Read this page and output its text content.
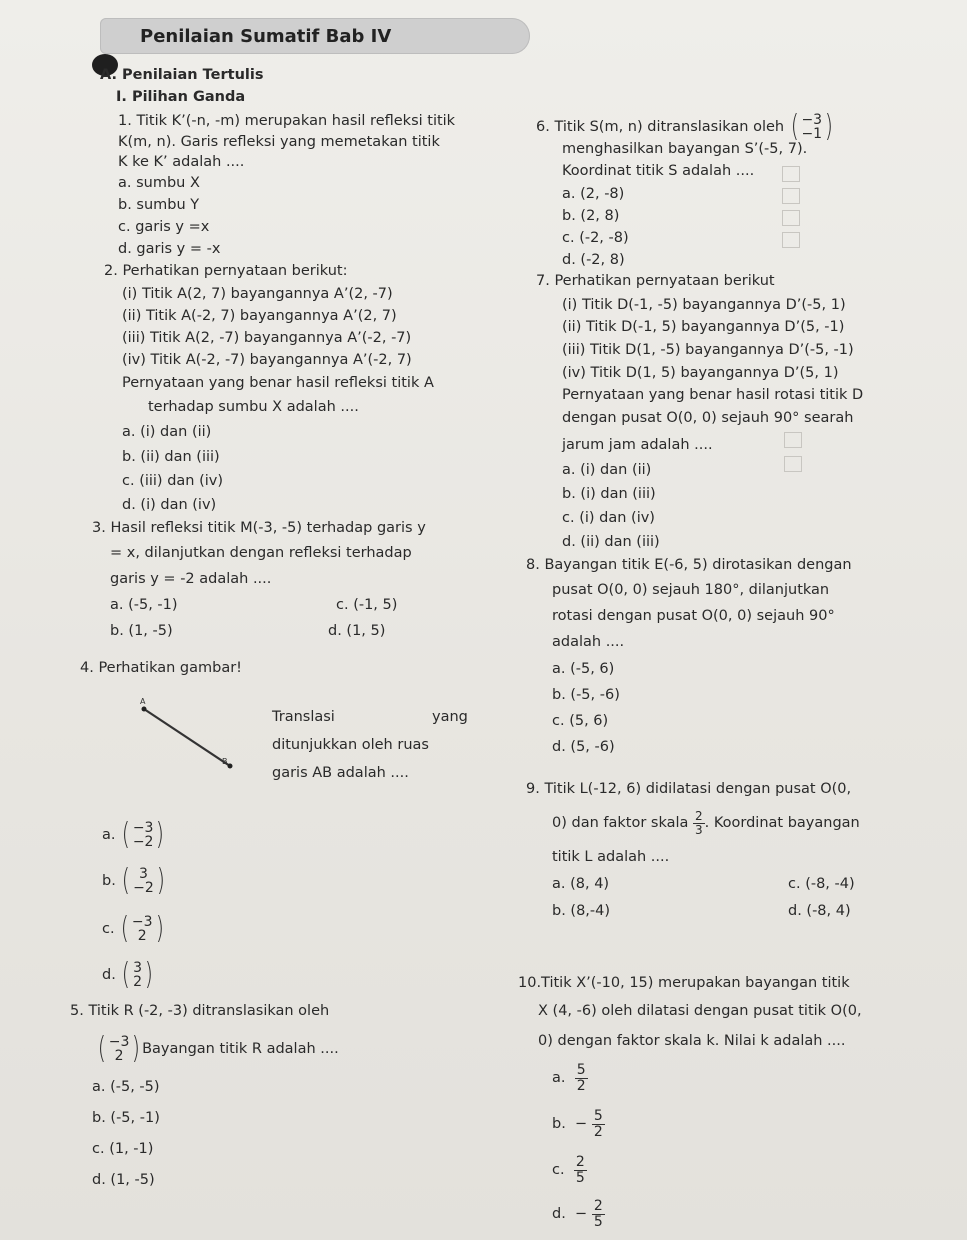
Penilaian Sumatif Bab IV
A. Penilaian Tertulis
I. Pilihan Ganda
1. Titik K’(-n, -m) merupakan hasil refleksi titik
K(m, n). Garis refleksi yang memetakan titik
K ke K’ adalah ....
a. sumbu X
b. sumbu Y
c. garis y =x
d. garis y = -x
2. Perhatikan pernyataan berikut:
(i) Titik A(2, 7) bayangannya A’(2, -7)
(ii) Titik A(-2, 7) bayangannya A’(2, 7)
(iii) Titik A(2, -7) bayangannya A’(-2, -7)
(iv) Titik A(-2, -7) bayangannya A’(-2, 7)
Pernyataan yang benar hasil refleksi titik A
terhadap sumbu X adalah ....
a. (i) dan (ii)
b. (ii) dan (iii)
c. (iii) dan (iv)
d. (i) dan (iv)
3. Hasil refleksi titik M(-3, -5) terhadap garis y
= x, dilanjutkan dengan refleksi terhadap
garis y = -2 adalah ....
a. (-5, -1)	c. (-1, 5)
b. (1, -5)	d. (1, 5)
4. Perhatikan gambar!
A
B
Translasi	yang
ditunjukkan oleh ruas
garis AB adalah ....
a. ( −3
−2 )
b. ( 3
−2 )
c. ( −3
2 )
d. ( 3
2 )
5. Titik R (-2, -3) ditranslasikan oleh
( −3
2 ) Bayangan titik R adalah ....
a. (-5, -5)
b. (-5, -1)
c. (1, -1)
d. (1, -5)
6. Titik S(m, n) ditranslasikan oleh ( −3
−1 )
menghasilkan bayangan S’(-5, 7).
Koordinat titik S adalah ....
a. (2, -8)
b. (2, 8)
c. (-2, -8)
d. (-2, 8)
7. Perhatikan pernyataan berikut
(i) Titik D(-1, -5) bayangannya D’(-5, 1)
(ii) Titik D(-1, 5) bayangannya D’(5, -1)
(iii) Titik D(1, -5) bayangannya D’(-5, -1)
(iv) Titik D(1, 5) bayangannya D’(5, 1)
Pernyataan yang benar hasil rotasi titik D
dengan pusat O(0, 0) sejauh 90° searah
jarum jam adalah ....
a. (i) dan (ii)
b. (i) dan (iii)
c. (i) dan (iv)
d. (ii) dan (iii)
8. Bayangan titik E(-6, 5) dirotasikan dengan
pusat O(0, 0) sejauh 180°, dilanjutkan
rotasi dengan pusat O(0, 0) sejauh 90°
adalah ....
a. (-5, 6)
b. (-5, -6)
c. (5, 6)
d. (5, -6)
9. Titik L(-12, 6) didilatasi dengan pusat O(0,
0) dan faktor skala $\frac{2}{3}$ . Koordinat bayangan
titik L adalah ....
a. (8, 4)	c. (-8, -4)
b. (8,-4)	d. (-8, 4)
10.Titik X’(-10, 15) merupakan bayangan titik
X (4, -6) oleh dilatasi dengan pusat titik O(0,
0) dengan faktor skala k. Nilai k adalah ....
a. $\frac{5}{2}$
b. − $\frac{5}{2}$
c. $\frac{2}{5}$
d. − $\frac{2}{5}$
